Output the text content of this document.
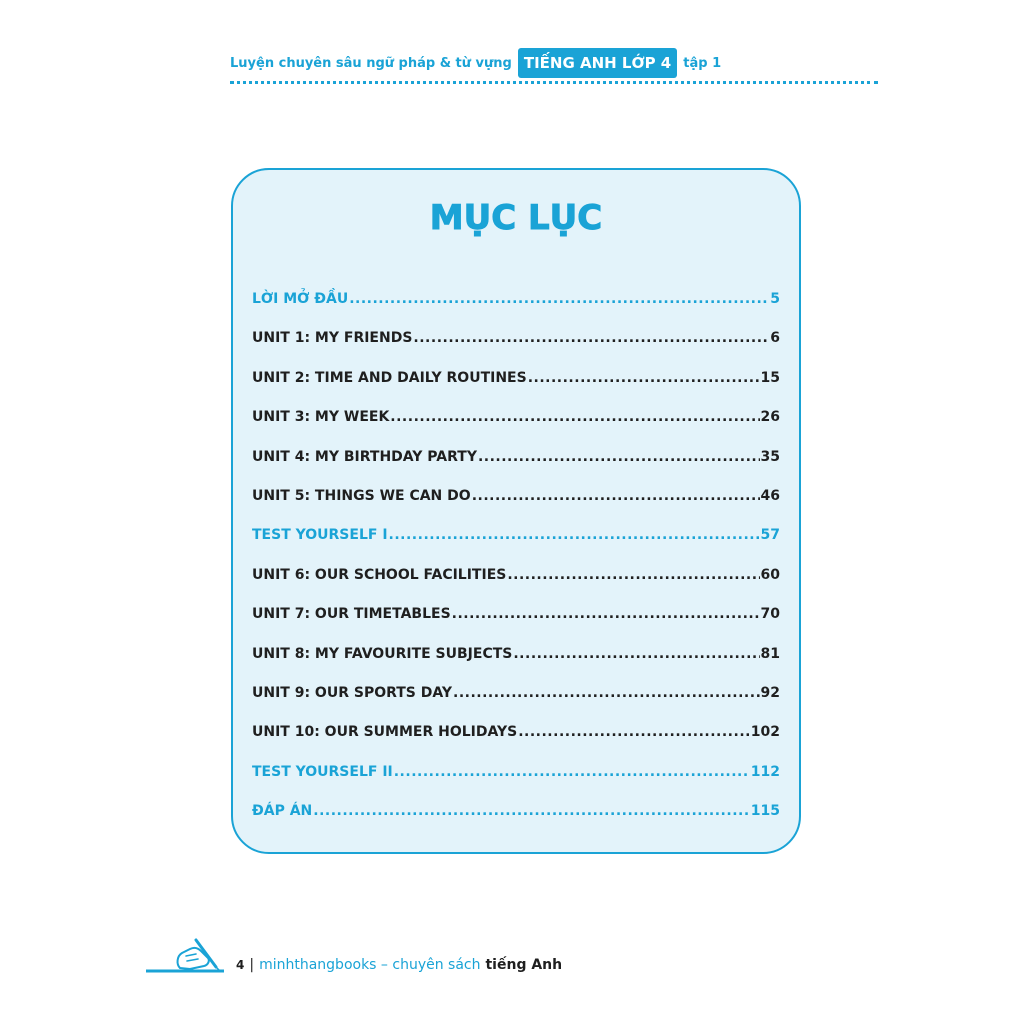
Luyện chuyên sâu ngữ pháp & từ vựng TIẾNG ANH LỚP 4 tập 1
MỤC LỤC
LỜI MỞ ĐẦU .....	5
UNIT 1: MY FRIENDS .....	6
UNIT 2: TIME AND DAILY ROUTINES .....	15
UNIT 3: MY WEEK .....	26
UNIT 4: MY BIRTHDAY PARTY .....	35
UNIT 5: THINGS WE CAN DO .....	46
TEST YOURSELF I .....	57
UNIT 6: OUR SCHOOL FACILITIES .....	60
UNIT 7: OUR TIMETABLES .....	70
UNIT 8: MY FAVOURITE SUBJECTS .....	81
UNIT 9: OUR SPORTS DAY .....	92
UNIT 10: OUR SUMMER HOLIDAYS .....	102
TEST YOURSELF II .....	112
ĐÁP ÁN .....	115
4 | minhthangbooks – chuyên sách tiếng Anh
